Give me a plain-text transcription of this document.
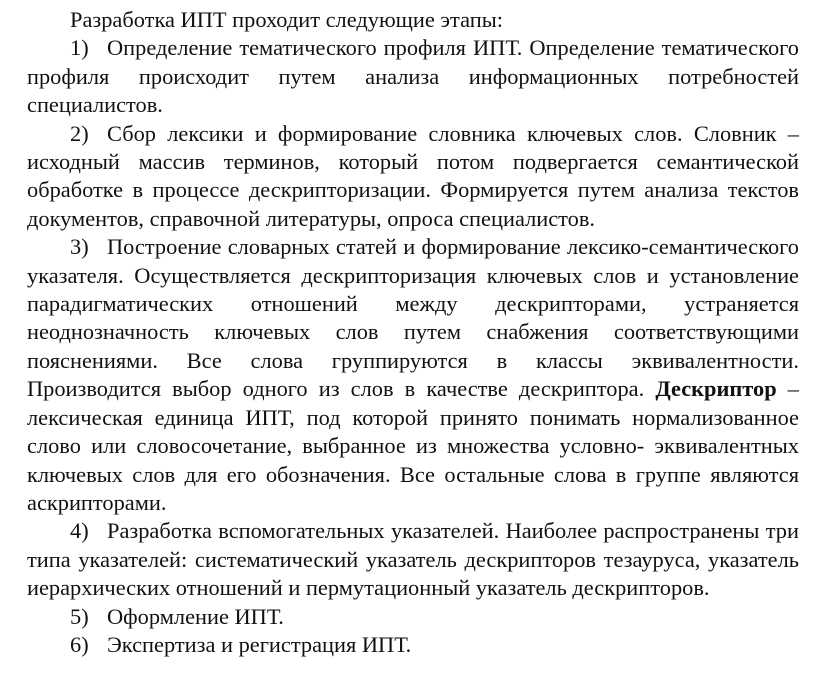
Разработка ИПТ проходит следующие этапы:

1) Определение тематического профиля ИПТ. Определение тематического профиля происходит путем анализа информационных потребностей специалистов.

2) Сбор лексики и формирование словника ключевых слов. Словник – исходный массив терминов, который потом подвергается семантической обработке в процессе дескрипторизации. Формируется путем анализа текстов документов, справочной литературы, опроса специалистов.

3) Построение словарных статей и формирование лексико-семантического указателя. Осуществляется дескрипторизация ключевых слов и установление парадигматических отношений между дескрипторами, устраняется неоднозначность ключевых слов путем снабжения соответствующими пояснениями. Все слова группируются в классы эквивалентности. Производится выбор одного из слов в качестве дескриптора. Дескриптор – лексическая единица ИПТ, под которой принято понимать нормализованное слово или словосочетание, выбранное из множества условно- эквивалентных ключевых слов для его обозначения. Все остальные слова в группе являются аскрипторами.

4) Разработка вспомогательных указателей. Наиболее распространены три типа указателей: систематический указатель дескрипторов тезауруса, указатель иерархических отношений и пермутационный указатель дескрипторов.

5) Оформление ИПТ.

6) Экспертиза и регистрация ИПТ.
